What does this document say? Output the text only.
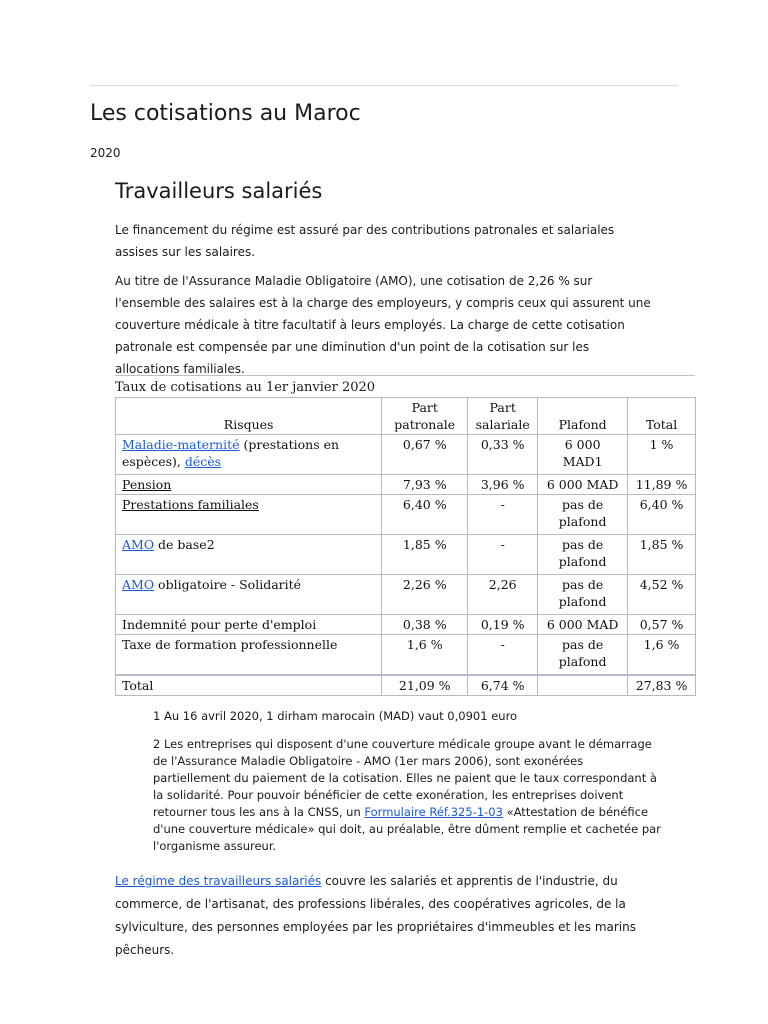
Les cotisations au Maroc
2020
Travailleurs salariés

Le financement du régime est assuré par des contributions patronales et salariales assises sur les salaires.

Au titre de l'Assurance Maladie Obligatoire (AMO), une cotisation de 2,26 % sur l'ensemble des salaires est à la charge des employeurs, y compris ceux qui assurent une couverture médicale à titre facultatif à leurs employés. La charge de cette cotisation patronale est compensée par une diminution d'un point de la cotisation sur les allocations familiales.

Taux de cotisations au 1er janvier 2020
Risques	Part patronale	Part salariale	Plafond	Total
Maladie-maternité (prestations en espèces), décès	0,67 %	0,33 %	6 000 MAD1	1 %
Pension	7,93 %	3,96 %	6 000 MAD	11,89 %
Prestations familiales	6,40 %	-	pas de plafond	6,40 %
AMO de base2	1,85 %	-	pas de plafond	1,85 %
AMO obligatoire - Solidarité	2,26 %	2,26	pas de plafond	4,52 %
Indemnité pour perte d'emploi	0,38 %	0,19 %	6 000 MAD	0,57 %
Taxe de formation professionnelle	1,6 %	-	pas de plafond	1,6 %
Total	21,09 %	6,74 %		27,83 %

1 Au 16 avril 2020, 1 dirham marocain (MAD) vaut 0,0901 euro

2 Les entreprises qui disposent d'une couverture médicale groupe avant le démarrage de l'Assurance Maladie Obligatoire - AMO (1er mars 2006), sont exonérées partiellement du paiement de la cotisation. Elles ne paient que le taux correspondant à la solidarité. Pour pouvoir bénéficier de cette exonération, les entreprises doivent retourner tous les ans à la CNSS, un Formulaire Réf.325-1-03 «Attestation de bénéfice d'une couverture médicale» qui doit, au préalable, être dûment remplie et cachetée par l'organisme assureur.

Le régime des travailleurs salariés couvre les salariés et apprentis de l'industrie, du commerce, de l'artisanat, des professions libérales, des coopératives agricoles, de la sylviculture, des personnes employées par les propriétaires d'immeubles et les marins pêcheurs.
